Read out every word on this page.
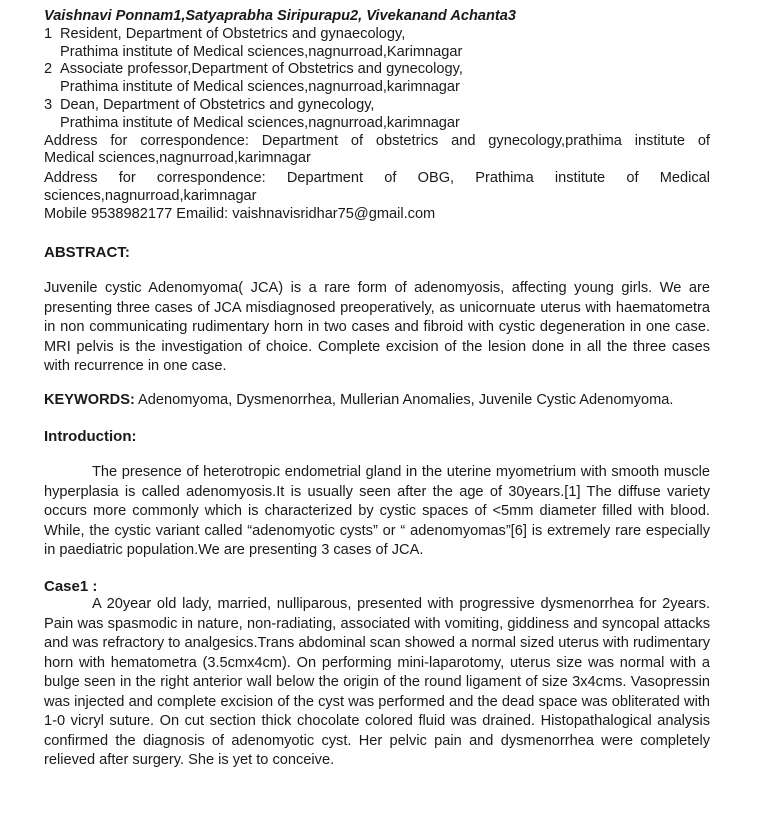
Vaishnavi Ponnam1,Satyaprabha Siripurapu2, Vivekanand Achanta3
1 Resident, Department of Obstetrics and gynaecology,
Prathima institute of Medical sciences,nagnurroad,Karimnagar
2 Associate professor,Department of Obstetrics and gynecology,
Prathima institute of Medical sciences,nagnurroad,karimnagar
3 Dean, Department of Obstetrics and gynecology,
Prathima institute of Medical sciences,nagnurroad,karimnagar
Address for correspondence: Department of obstetrics and gynecology,prathima institute of
Medical sciences,nagnurroad,karimnagar
Address for correspondence: Department of OBG, Prathima institute of Medical
sciences,nagnurroad,karimnagar
Mobile 9538982177 Emailid: vaishnavisridhar75@gmail.com
ABSTRACT:
Juvenile cystic Adenomyoma( JCA) is a rare form of adenomyosis, affecting young girls. We are presenting three cases of JCA misdiagnosed preoperatively, as unicornuate uterus with haematometra in non communicating rudimentary horn in two cases and fibroid with cystic degeneration in one case. MRI pelvis is the investigation of choice. Complete excision of the lesion done in all the three cases with recurrence in one case.
KEYWORDS: Adenomyoma, Dysmenorrhea, Mullerian Anomalies, Juvenile Cystic Adenomyoma.
Introduction:
The presence of heterotropic endometrial gland in the uterine myometrium with smooth muscle hyperplasia is called adenomyosis.It is usually seen after the age of 30years.[1] The diffuse variety occurs more commonly which is characterized by cystic spaces of <5mm diameter filled with blood. While, the cystic variant called “adenomyotic cysts” or “ adenomyomas”[6] is extremely rare especially in paediatric population.We are presenting 3 cases of JCA.
Case1 :
A 20year old lady, married, nulliparous, presented with progressive dysmenorrhea for 2years. Pain was spasmodic in nature, non-radiating, associated with vomiting, giddiness and syncopal attacks and was refractory to analgesics.Trans abdominal scan showed a normal sized uterus with rudimentary horn with hematometra (3.5cmx4cm). On performing mini-laparotomy, uterus size was normal with a bulge seen in the right anterior wall below the origin of the round ligament of size 3x4cms. Vasopressin was injected and complete excision of the cyst was performed and the dead space was obliterated with 1-0 vicryl suture. On cut section thick chocolate colored fluid was drained. Histopathalogical analysis confirmed the diagnosis of adenomyotic cyst. Her pelvic pain and dysmenorrhea were completely relieved after surgery. She is yet to conceive.
